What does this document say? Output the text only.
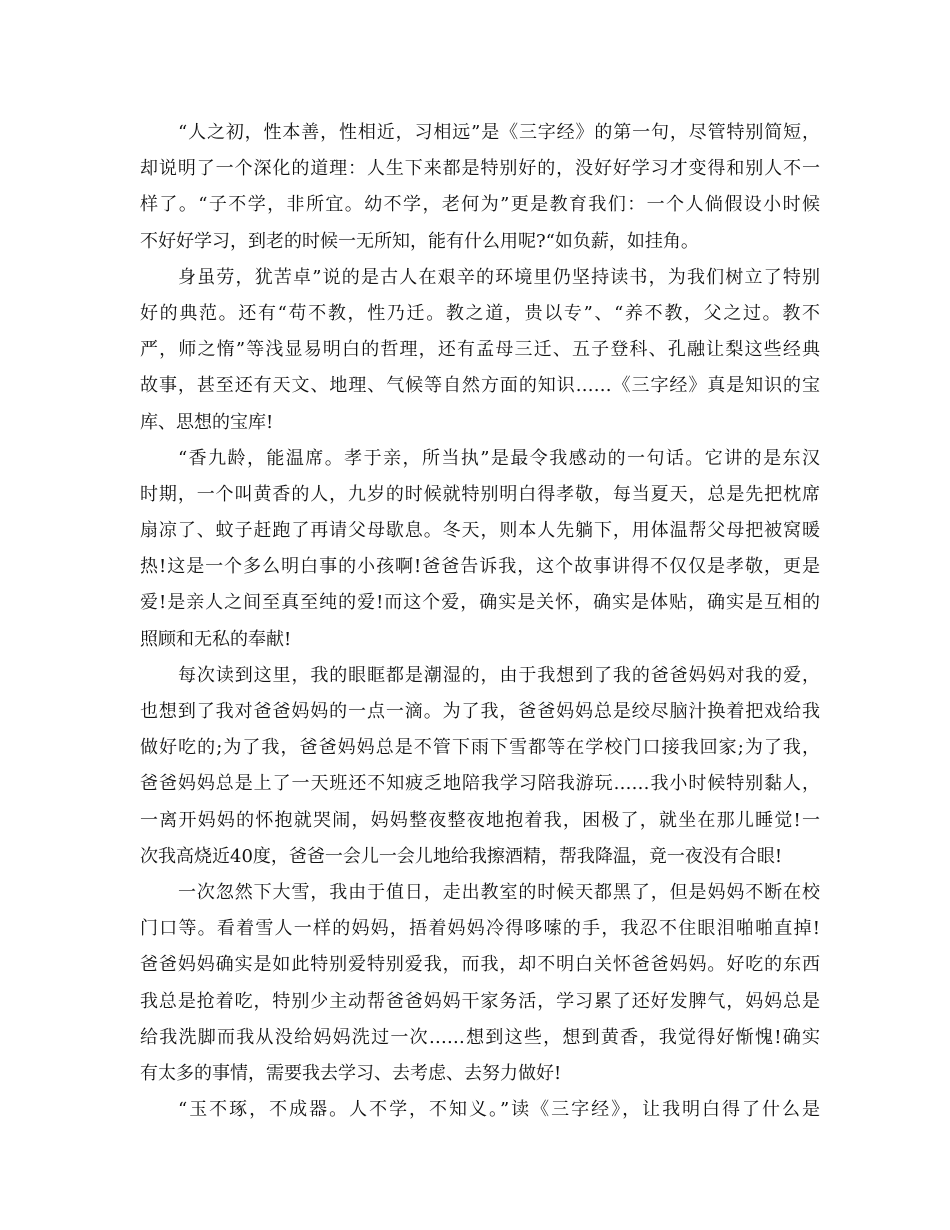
“人之初，性本善，性相近，习相远”是《三字经》的第一句，尽管特别简短，
却说明了一个深化的道理：人生下来都是特别好的，没好好学习才变得和别人不一
样了。“子不学，非所宜。幼不学，老何为”更是教育我们：一个人倘假设小时候
不好好学习，到老的时候一无所知，能有什么用呢?“如负薪，如挂角。
身虽劳，犹苦卓”说的是古人在艰辛的环境里仍坚持读书，为我们树立了特别
好的典范。还有“苟不教，性乃迁。教之道，贵以专”、“养不教，父之过。教不
严，师之惰”等浅显易明白的哲理，还有孟母三迁、五子登科、孔融让梨这些经典
故事，甚至还有天文、地理、气候等自然方面的知识……《三字经》真是知识的宝
库、思想的宝库!
“香九龄，能温席。孝于亲，所当执”是最令我感动的一句话。它讲的是东汉
时期，一个叫黄香的人，九岁的时候就特别明白得孝敬，每当夏天，总是先把枕席
扇凉了、蚊子赶跑了再请父母歇息。冬天，则本人先躺下，用体温帮父母把被窝暖
热!这是一个多么明白事的小孩啊!爸爸告诉我，这个故事讲得不仅仅是孝敬，更是
爱!是亲人之间至真至纯的爱!而这个爱，确实是关怀，确实是体贴，确实是互相的
照顾和无私的奉献!
每次读到这里，我的眼眶都是潮湿的，由于我想到了我的爸爸妈妈对我的爱，
也想到了我对爸爸妈妈的一点一滴。为了我，爸爸妈妈总是绞尽脑汁换着把戏给我
做好吃的;为了我，爸爸妈妈总是不管下雨下雪都等在学校门口接我回家;为了我，
爸爸妈妈总是上了一天班还不知疲乏地陪我学习陪我游玩……我小时候特别黏人，
一离开妈妈的怀抱就哭闹，妈妈整夜整夜地抱着我，困极了，就坐在那儿睡觉!一
次我高烧近40度，爸爸一会儿一会儿地给我擦酒精，帮我降温，竟一夜没有合眼!
一次忽然下大雪，我由于值日，走出教室的时候天都黑了，但是妈妈不断在校
门口等。看着雪人一样的妈妈，捂着妈妈冷得哆嗦的手，我忍不住眼泪啪啪直掉!
爸爸妈妈确实是如此特别爱特别爱我，而我，却不明白关怀爸爸妈妈。好吃的东西
我总是抢着吃，特别少主动帮爸爸妈妈干家务活，学习累了还好发脾气，妈妈总是
给我洗脚而我从没给妈妈洗过一次……想到这些，想到黄香，我觉得好惭愧!确实
有太多的事情，需要我去学习、去考虑、去努力做好!
“玉不琢，不成器。人不学，不知义。”读《三字经》，让我明白得了什么是
